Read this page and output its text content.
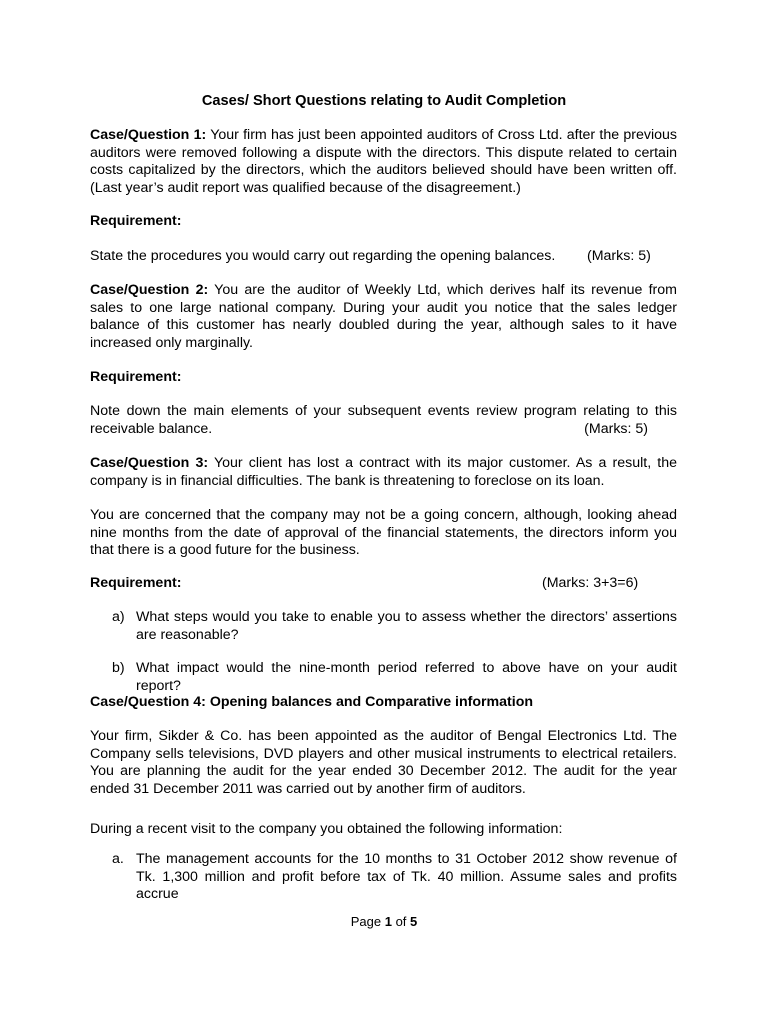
Cases/ Short Questions relating to Audit Completion

Case/Question 1: Your firm has just been appointed auditors of Cross Ltd. after the previous auditors were removed following a dispute with the directors. This dispute related to certain costs capitalized by the directors, which the auditors believed should have been written off. (Last year’s audit report was qualified because of the disagreement.)

Requirement:
State the procedures you would carry out regarding the opening balances. (Marks: 5)

Case/Question 2: You are the auditor of Weekly Ltd, which derives half its revenue from sales to one large national company. During your audit you notice that the sales ledger balance of this customer has nearly doubled during the year, although sales to it have increased only marginally.

Requirement:

Note down the main elements of your subsequent events review program relating to this receivable balance.	(Marks: 5)

Case/Question 3: Your client has lost a contract with its major customer. As a result, the company is in financial difficulties. The bank is threatening to foreclose on its loan.

You are concerned that the company may not be a going concern, although, looking ahead nine months from the date of approval of the financial statements, the directors inform you that there is a good future for the business.

Requirement:	(Marks: 3+3=6)
a) What steps would you take to enable you to assess whether the directors’ assertions are reasonable?

b) What impact would the nine-month period referred to above have on your audit report?

Case/Question 4: Opening balances and Comparative information

Your firm, Sikder & Co. has been appointed as the auditor of Bengal Electronics Ltd. The Company sells televisions, DVD players and other musical instruments to electrical retailers. You are planning the audit for the year ended 30 December 2012. The audit for the year ended 31 December 2011 was carried out by another firm of auditors.

During a recent visit to the company you obtained the following information:

a. The management accounts for the 10 months to 31 October 2012 show revenue of Tk. 1,300 million and profit before tax of Tk. 40 million. Assume sales and profits accrue

Page 1 of 5
